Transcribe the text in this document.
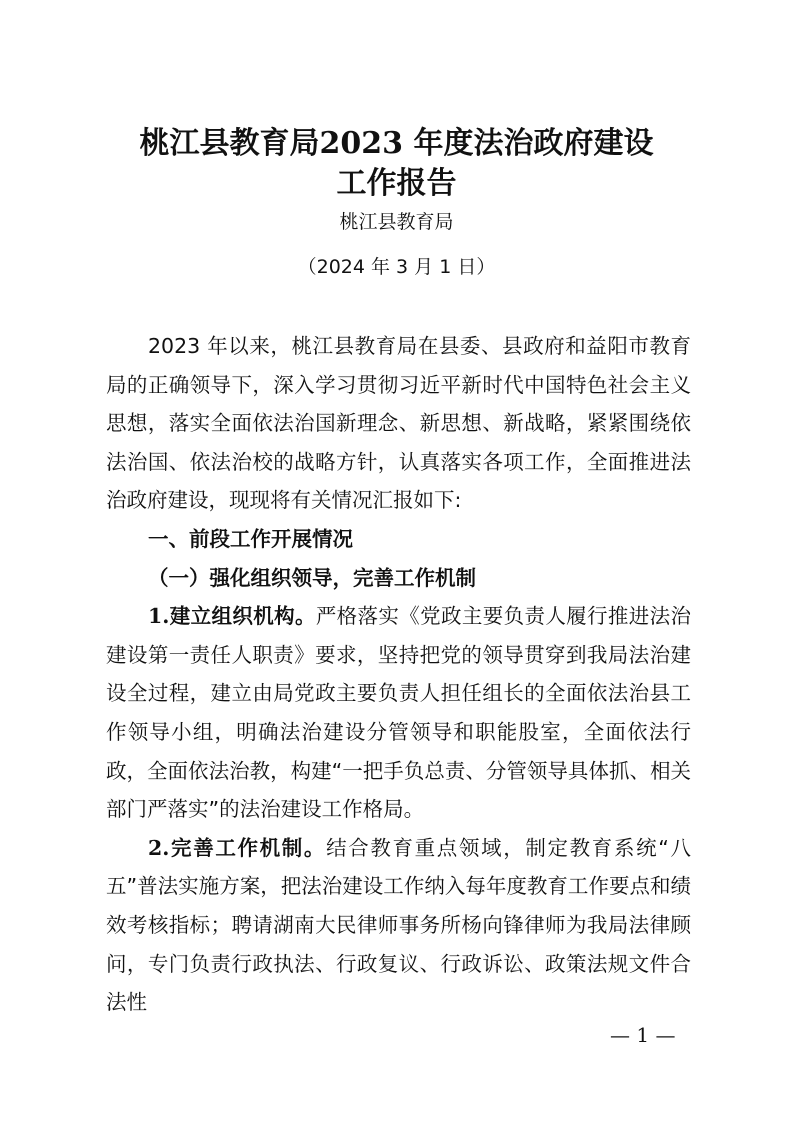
桃江县教育局2023 年度法治政府建设
工作报告
桃江县教育局
（2024 年 3 月 1 日）

2023 年以来，桃江县教育局在县委、县政府和益阳市教育局的正确领导下，深入学习贯彻习近平新时代中国特色社会主义思想，落实全面依法治国新理念、新思想、新战略，紧紧围绕依法治国、依法治校的战略方针，认真落实各项工作，全面推进法治政府建设，现现将有关情况汇报如下:

一、前段工作开展情况

（一）强化组织领导，完善工作机制

1.建立组织机构。严格落实《党政主要负责人履行推进法治建设第一责任人职责》要求，坚持把党的领导贯穿到我局法治建设全过程，建立由局党政主要负责人担任组长的全面依法治县工作领导小组，明确法治建设分管领导和职能股室，全面依法行政，全面依法治教，构建“一把手负总责、分管领导具体抓、相关部门严落实”的法治建设工作格局。

2.完善工作机制。结合教育重点领域，制定教育系统“八五”普法实施方案，把法治建设工作纳入每年度教育工作要点和绩效考核指标；聘请湖南大民律师事务所杨向锋律师为我局法律顾问，专门负责行政执法、行政复议、行政诉讼、政策法规文件合法性

— 1 —
